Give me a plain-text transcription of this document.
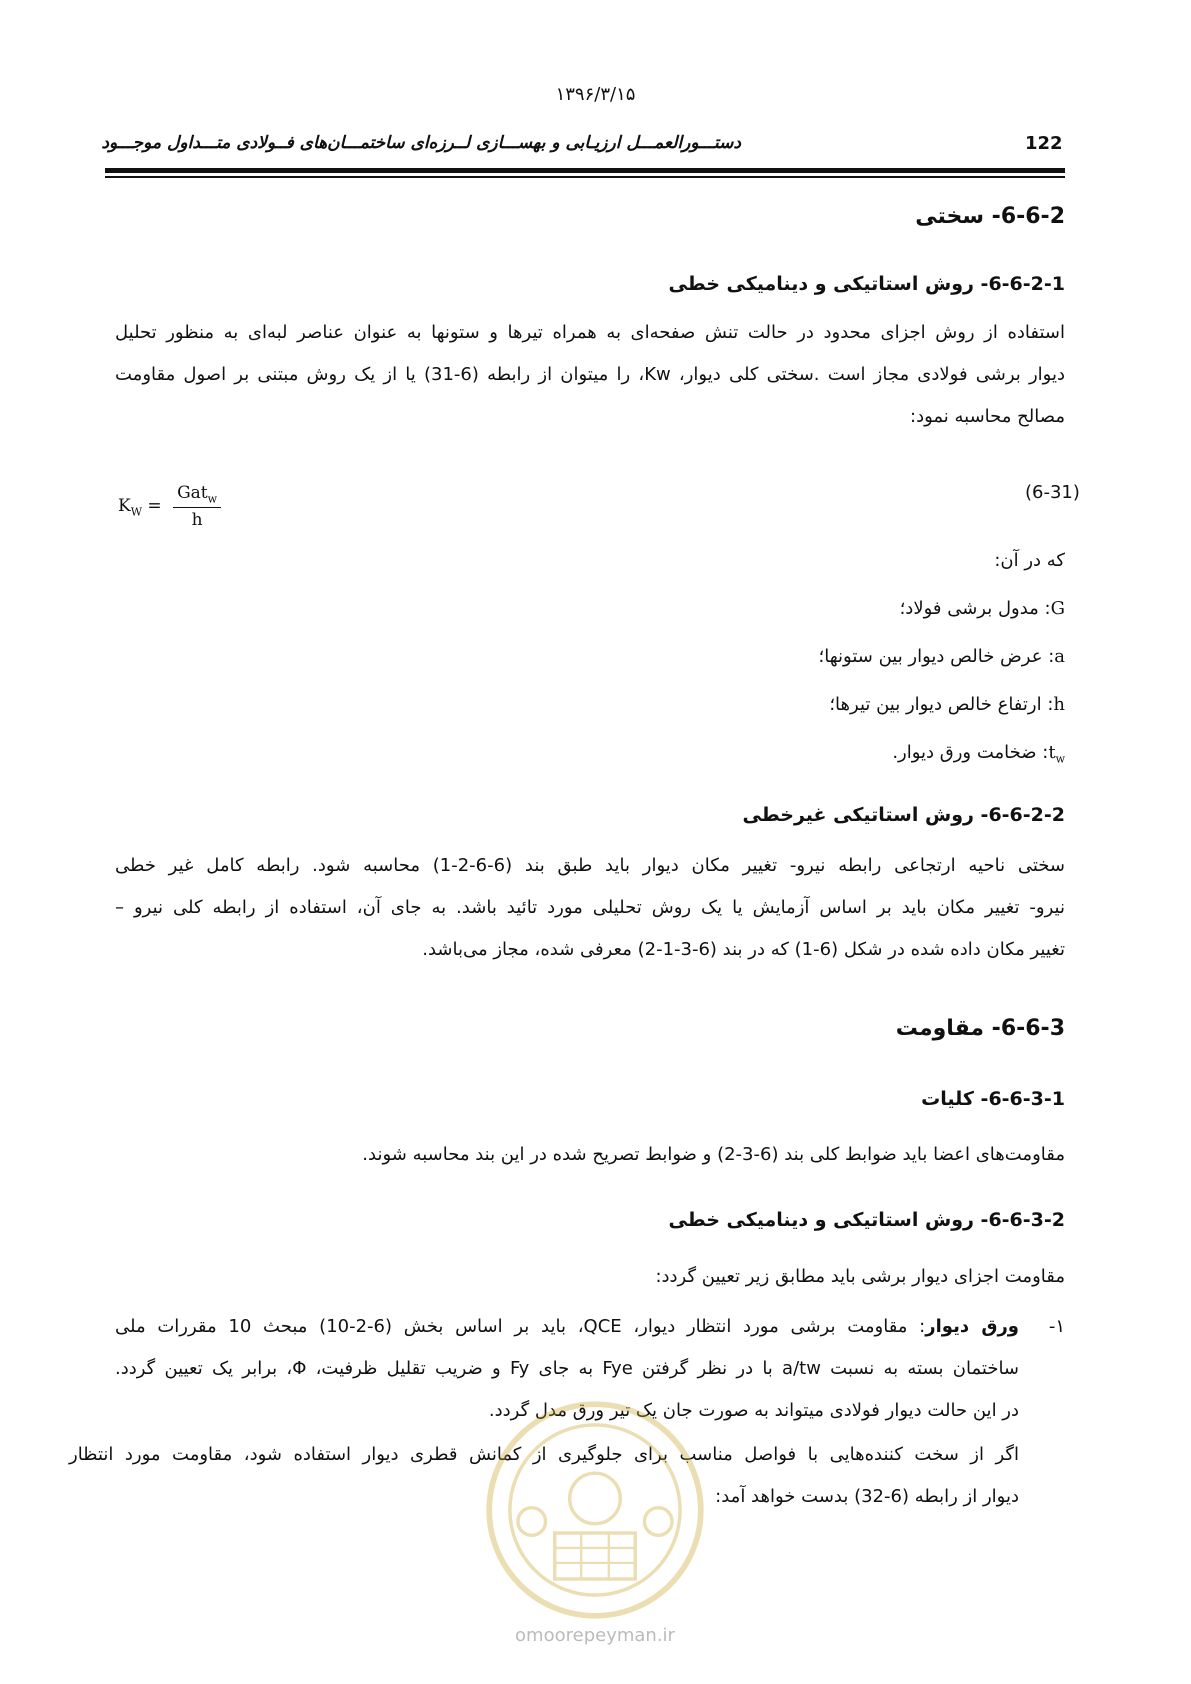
۱۳۹۶/۳/۱۵
دستـــورالعمـــل ارزیـابی و بهســـازی لــرزه‌ای ساختمـــان‌های فــولادی متـــداول موجـــود	122
6-6-2- سختی
6-6-2-1- روش استاتیکی و دینامیکی خطی
استفاده از روش اجزای محدود در حالت تنش صفحه‌ای به همراه تیرها و ستونها به عنوان عناصر لبه‌ای به منظور تحلیل
دیوار برشی فولادی مجاز است .سختی کلی دیوار، Kw، را میتوان از رابطه (6-31) یا از یک روش مبتنی بر اصول مقاومت
مصالح محاسبه نمود:
$K_W = \frac{Gat_w}{h}$	(6-31)
که در آن:
G: مدول برشی فولاد؛
a: عرض خالص دیوار بین ستونها؛
h: ارتفاع خالص دیوار بین تیرها؛
$t_w$: ضخامت ورق دیوار.
6-6-2-2- روش استاتیکی غیرخطی
سختی ناحیه ارتجاعی رابطه نیرو- تغییر مکان دیوار باید طبق بند (6-6-2-1) محاسبه شود. رابطه کامل غیر خطی
نیرو- تغییر مکان باید بر اساس آزمایش یا یک روش تحلیلی مورد تائید باشد. به جای آن، استفاده از رابطه کلی نیرو –
تغییر مکان داده شده در شکل (6-1) که در بند (6-3-1-2) معرفی شده، مجاز می‌باشد.
6-6-3- مقاومت
6-6-3-1- کلیات
مقاومت‌های اعضا باید ضوابط کلی بند (6-3-2) و ضوابط تصریح شده در این بند محاسبه شوند.
6-6-3-2- روش استاتیکی و دینامیکی خطی
مقاومت اجزای دیوار برشی باید مطابق زیر تعیین گردد:
۱-
ورق دیوار: مقاومت برشی مورد انتظار دیوار، QCE، باید بر اساس بخش (6-2-10) مبحث 10 مقررات ملی
ساختمان بسته به نسبت a/tw با در نظر گرفتن Fye به جای Fy و ضریب تقلیل ظرفیت، Φ، برابر یک تعیین گردد.
در این حالت دیوار فولادی میتواند به صورت جان یک تیر ورق مدل گردد.
اگر از سخت کننده‌هایی با فواصل مناسب برای جلوگیری از کمانش قطری دیوار استفاده شود، مقاومت مورد انتظار
دیوار از رابطه (6-32) بدست خواهد آمد:
omoorepeyman.ir
